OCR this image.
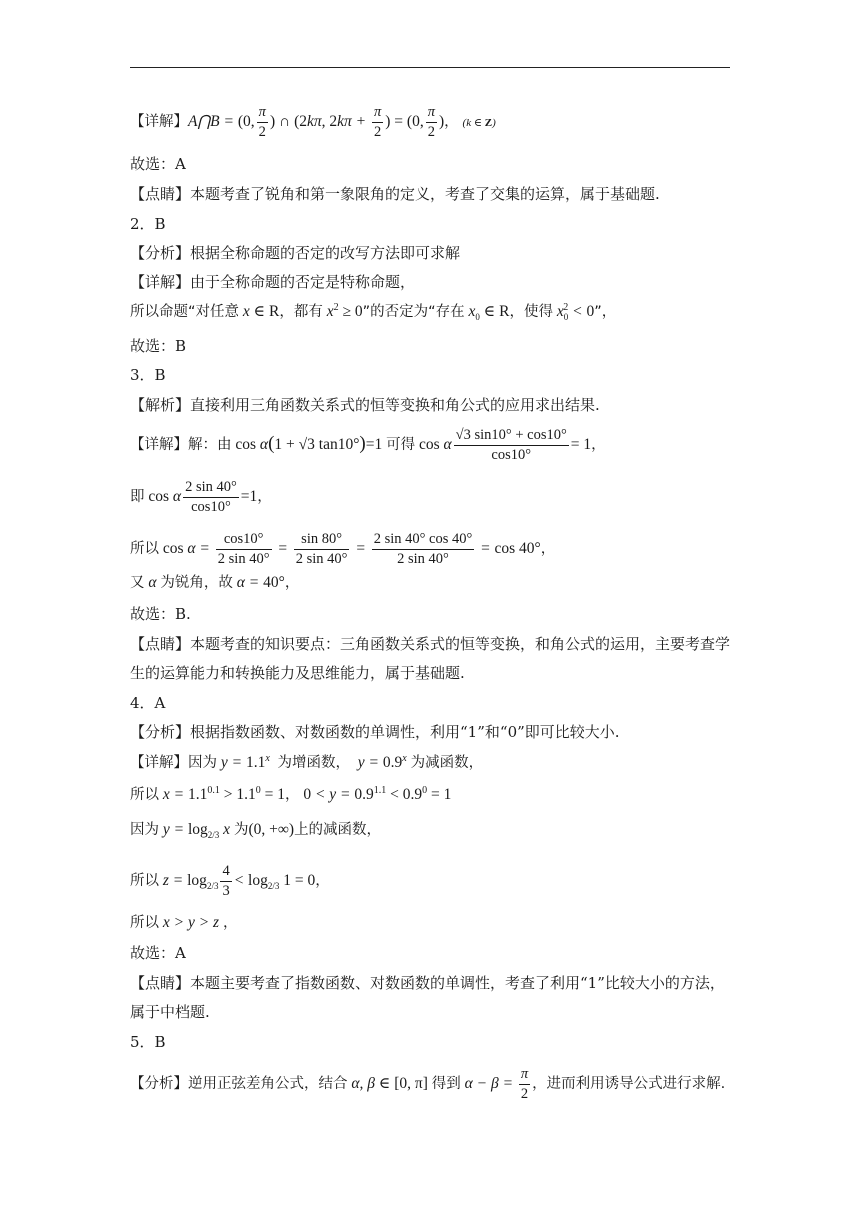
【详解】A⋂B = (0, $\frac{\pi}{2}$ ) ∩ (2kπ, $2k\pi + \frac{\pi}{2}$ ) = (0, $\frac{\pi}{2}$ )， (k ∈ Z)
故选：A
【点睛】本题考查了锐角和第一象限角的定义，考查了交集的运算，属于基础题.
2．B
【分析】根据全称命题的否定的改写方法即可求解
【详解】由于全称命题的否定是特称命题，
所以命题“对任意 x ∈ R，都有 $x^2 \ge 0$”的否定为“存在 $x_0$ ∈ R，使得 $x_0^2 < 0$”，
故选：B
3．B
【解析】直接利用三角函数关系式的恒等变换和角公式的应用求出结果.
【详解】解：由 cos α(1 + √3 tan10°)=1 可得 cos α $\frac{√3 \sin 10^\circ + \cos 10^\circ}{\cos 10^\circ} = 1$，
即 cos α $\frac{2 \sin 40^\circ}{\cos 10^\circ} =1$，
所以 $\cos \alpha = \frac{\cos 10^\circ}{2 \sin 40^\circ} = \frac{\sin 80^\circ}{2 \sin 40^\circ} = \frac{2 \sin 40^\circ \cos 40^\circ}{2 \sin 40^\circ} = \cos 40^\circ$，
又 α 为锐角，故 α = 40°，
故选：B.
【点睛】本题考查的知识要点：三角函数关系式的恒等变换，和角公式的运用，主要考查学
生的运算能力和转换能力及思维能力，属于基础题.
4．A
【分析】根据指数函数、对数函数的单调性，利用“1”和“0”即可比较大小.
【详解】因为 $y = 1.1^x$ 为增函数，  $y = 0.9^x$ 为减函数，
所以 $x = 1.1^{0.1} > 1.1^0 = 1$， $0 < y = 0.9^{1.1} < 0.9^0 = 1$
因为 $y = \log_{2/3} x$ 为(0, +∞)上的减函数，
所以 $z = \log_{2/3} \frac{4}{3} < \log_{2/3} 1 = 0$，
所以 x > y > z ，
故选：A
【点睛】本题主要考查了指数函数、对数函数的单调性，考查了利用“1”比较大小的方法，
属于中档题.
5．B
【分析】逆用正弦差角公式，结合 α, β ∈ [0, π] 得到 $\alpha - \beta = \frac{\pi}{2}$ ，进而利用诱导公式进行求解.
